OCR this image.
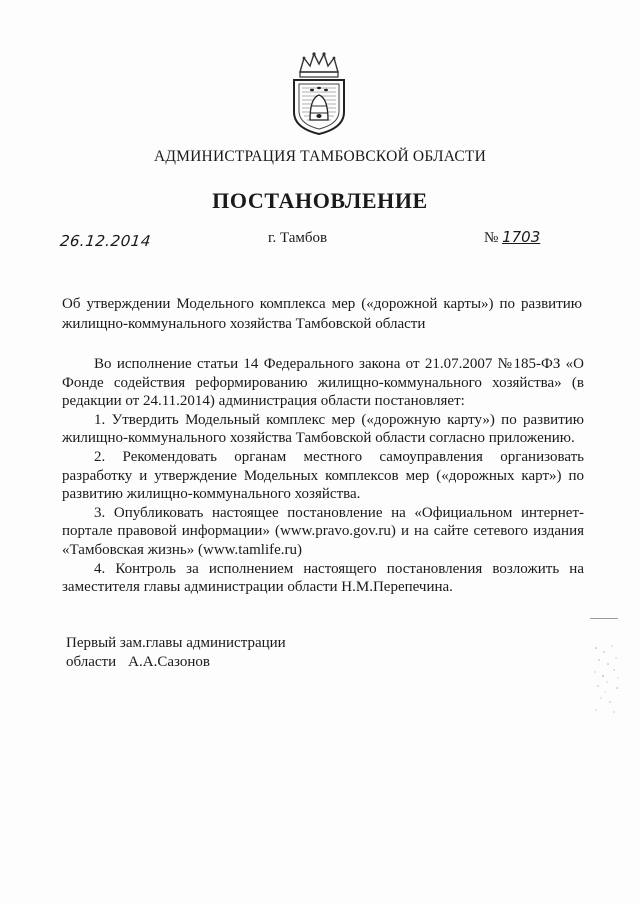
АДМИНИСТРАЦИЯ ТАМБОВСКОЙ ОБЛАСТИ
ПОСТАНОВЛЕНИЕ
26.12.2014	г. Тамбов	№ 1703
Об утверждении Модельного комплекса мер («дорожной карты») по развитию жилищно-коммунального хозяйства Тамбовской области

Во исполнение статьи 14 Федерального закона от 21.07.2007 №185-ФЗ «О Фонде содействия реформированию жилищно-коммунального хозяйства» (в редакции от 24.11.2014) администрация области постановляет:

1. Утвердить Модельный комплекс мер («дорожную карту») по развитию жилищно-коммунального хозяйства Тамбовской области согласно приложению.

2. Рекомендовать органам местного самоуправления организовать разработку и утверждение Модельных комплексов мер («дорожных карт») по развитию жилищно-коммунального хозяйства.

3. Опубликовать настоящее постановление на «Официальном интернет-портале правовой информации» (www.pravo.gov.ru) и на сайте сетевого издания «Тамбовская жизнь» (www.tamlife.ru)

4. Контроль за исполнением настоящего постановления возложить на заместителя главы администрации области Н.М.Перепечина.

Первый зам.главы администрации
области А.А.Сазонов
